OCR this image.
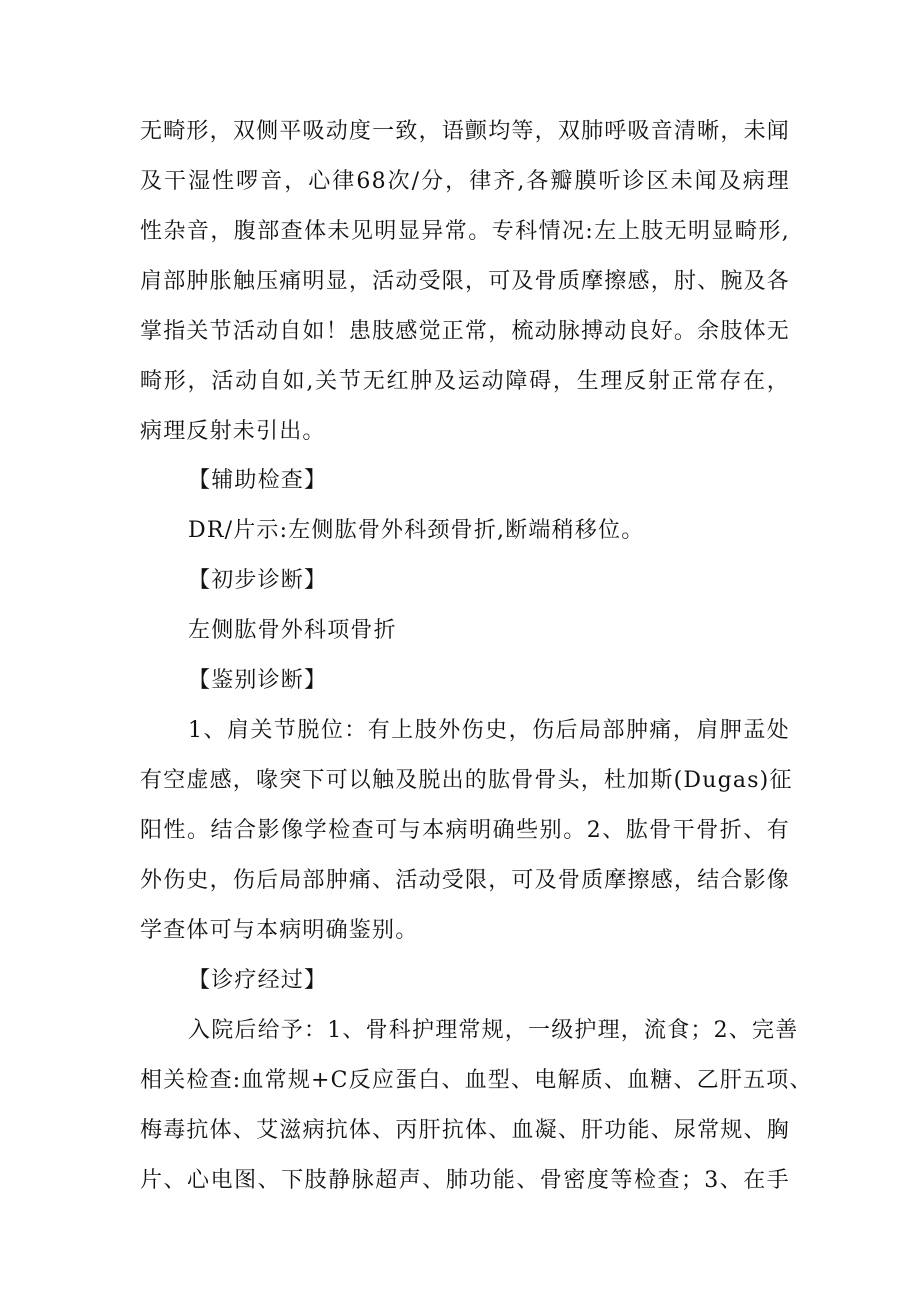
无畸形，双侧平吸动度一致，语颤均等，双肺呼吸音清晰，未闻
及干湿性啰音，心律68次/分，律齐,各瓣膜听诊区未闻及病理
性杂音，腹部查体未见明显异常。专科情况:左上肢无明显畸形,
肩部肿胀触压痛明显，活动受限，可及骨质摩擦感，肘、腕及各
掌指关节活动自如！患肢感觉正常，梳动脉搏动良好。余肢体无
畸形，活动自如,关节无红肿及运动障碍，生理反射正常存在，
病理反射未引出。
【辅助检查】
DR/片示:左侧肱骨外科颈骨折,断端稍移位。
【初步诊断】
左侧肱骨外科项骨折
【鉴别诊断】
1、肩关节脱位：有上肢外伤史，伤后局部肿痛，肩胛盂处
有空虚感，喙突下可以触及脱出的肱骨骨头，杜加斯(Dugas)征
阳性。结合影像学检查可与本病明确些别。2、肱骨干骨折、有
外伤史，伤后局部肿痛、活动受限，可及骨质摩擦感，结合影像
学查体可与本病明确鉴别。
【诊疗经过】
入院后给予：1、骨科护理常规，一级护理，流食；2、完善
相关检查:血常规+C反应蛋白、血型、电解质、血糖、乙肝五项、
梅毒抗体、艾滋病抗体、丙肝抗体、血凝、肝功能、尿常规、胸
片、心电图、下肢静脉超声、肺功能、骨密度等检查；3、在手
